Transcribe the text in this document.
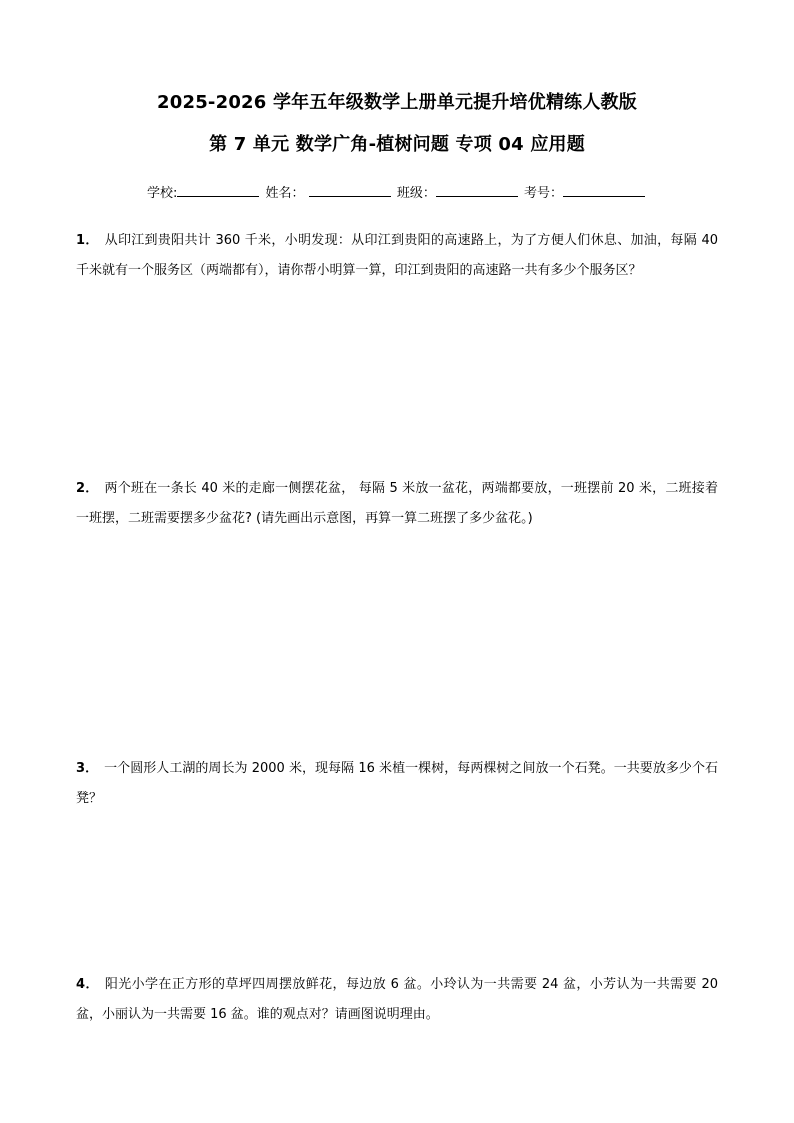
2025-2026 学年五年级数学上册单元提升培优精练人教版
第 7 单元 数学广角-植树问题 专项 04 应用题
学校:	姓名：	班级：	考号：
1． 从印江到贵阳共计 360 千米，小明发现：从印江到贵阳的高速路上，为了方便人们休息、加油，每隔 40 千米就有一个服务区（两端都有），请你帮小明算一算，印江到贵阳的高速路一共有多少个服务区？
2． 两个班在一条长 40 米的走廊一侧摆花盆， 每隔 5 米放一盆花，两端都要放，一班摆前 20 米，二班接着一班摆，二班需要摆多少盆花? (请先画出示意图，再算一算二班摆了多少盆花。)
3． 一个圆形人工湖的周长为 2000 米，现每隔 16 米植一棵树，每两棵树之间放一个石凳。一共要放多少个石凳？
4． 阳光小学在正方形的草坪四周摆放鲜花，每边放 6 盆。小玲认为一共需要 24 盆，小芳认为一共需要 20 盆，小丽认为一共需要 16 盆。谁的观点对？请画图说明理由。
